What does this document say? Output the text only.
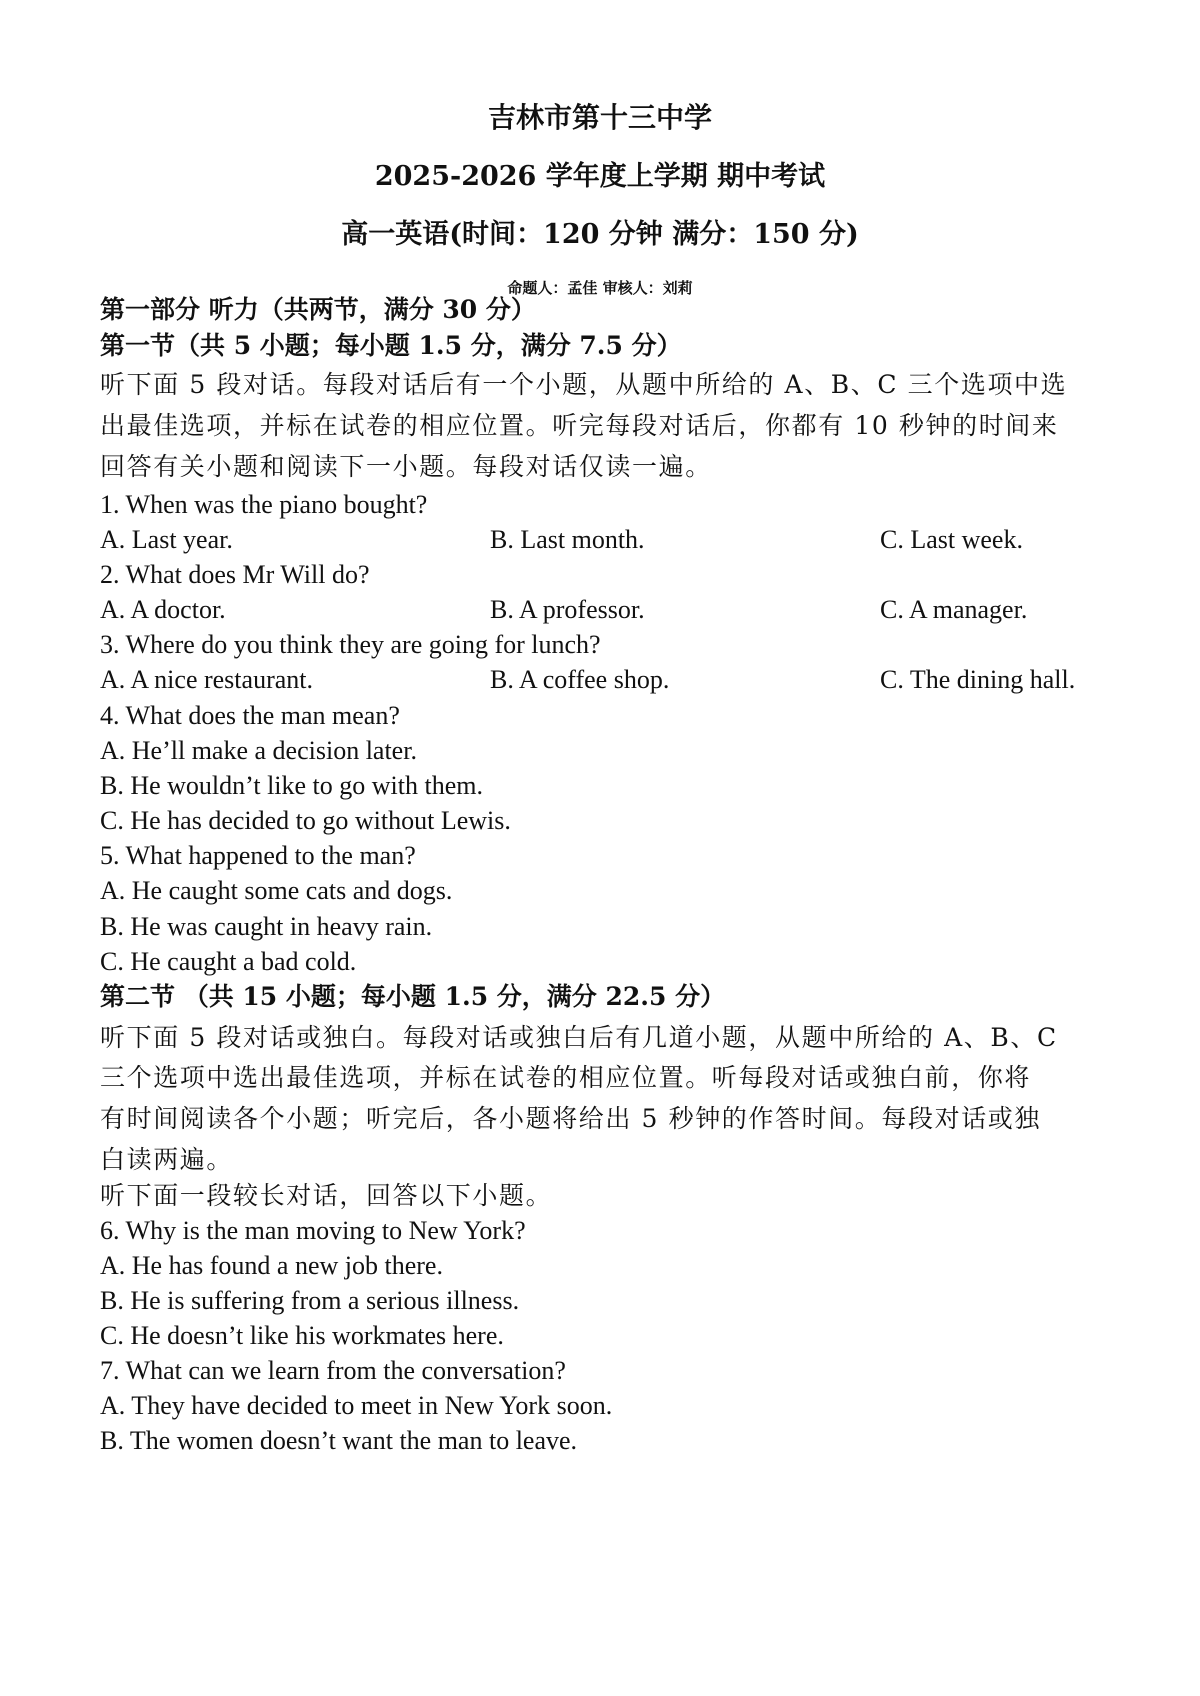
吉林市第十三中学
2025-2026 学年度上学期 期中考试
高一英语(时间：120 分钟 满分：150 分)
命题人：孟佳 审核人：刘莉
第一部分 听力（共两节，满分 30 分）
第一节（共 5 小题；每小题 1.5 分，满分 7.5 分）
听下面 5 段对话。每段对话后有一个小题，从题中所给的 A、B、C 三个选项中选
出最佳选项，并标在试卷的相应位置。听完每段对话后，你都有 10 秒钟的时间来
回答有关小题和阅读下一小题。每段对话仅读一遍。
1. When was the piano bought?
A. Last year.	B. Last month.	C. Last week.
2. What does Mr Will do?
A. A doctor.	B. A professor.	C. A manager.
3. Where do you think they are going for lunch?
A. A nice restaurant.	B. A coffee shop.	C. The dining hall.
4. What does the man mean?
A. He’ll make a decision later.
B. He wouldn’t like to go with them.
C. He has decided to go without Lewis.
5. What happened to the man?
A. He caught some cats and dogs.
B. He was caught in heavy rain.
C. He caught a bad cold.
第二节 （共 15 小题；每小题 1.5 分，满分 22.5 分）
听下面 5 段对话或独白。每段对话或独白后有几道小题，从题中所给的 A、B、C
三个选项中选出最佳选项，并标在试卷的相应位置。听每段对话或独白前，你将
有时间阅读各个小题；听完后，各小题将给出 5 秒钟的作答时间。每段对话或独
白读两遍。
听下面一段较长对话，回答以下小题。
6. Why is the man moving to New York?
A. He has found a new job there.
B. He is suffering from a serious illness.
C. He doesn’t like his workmates here.
7. What can we learn from the conversation?
A. They have decided to meet in New York soon.
B. The women doesn’t want the man to leave.
